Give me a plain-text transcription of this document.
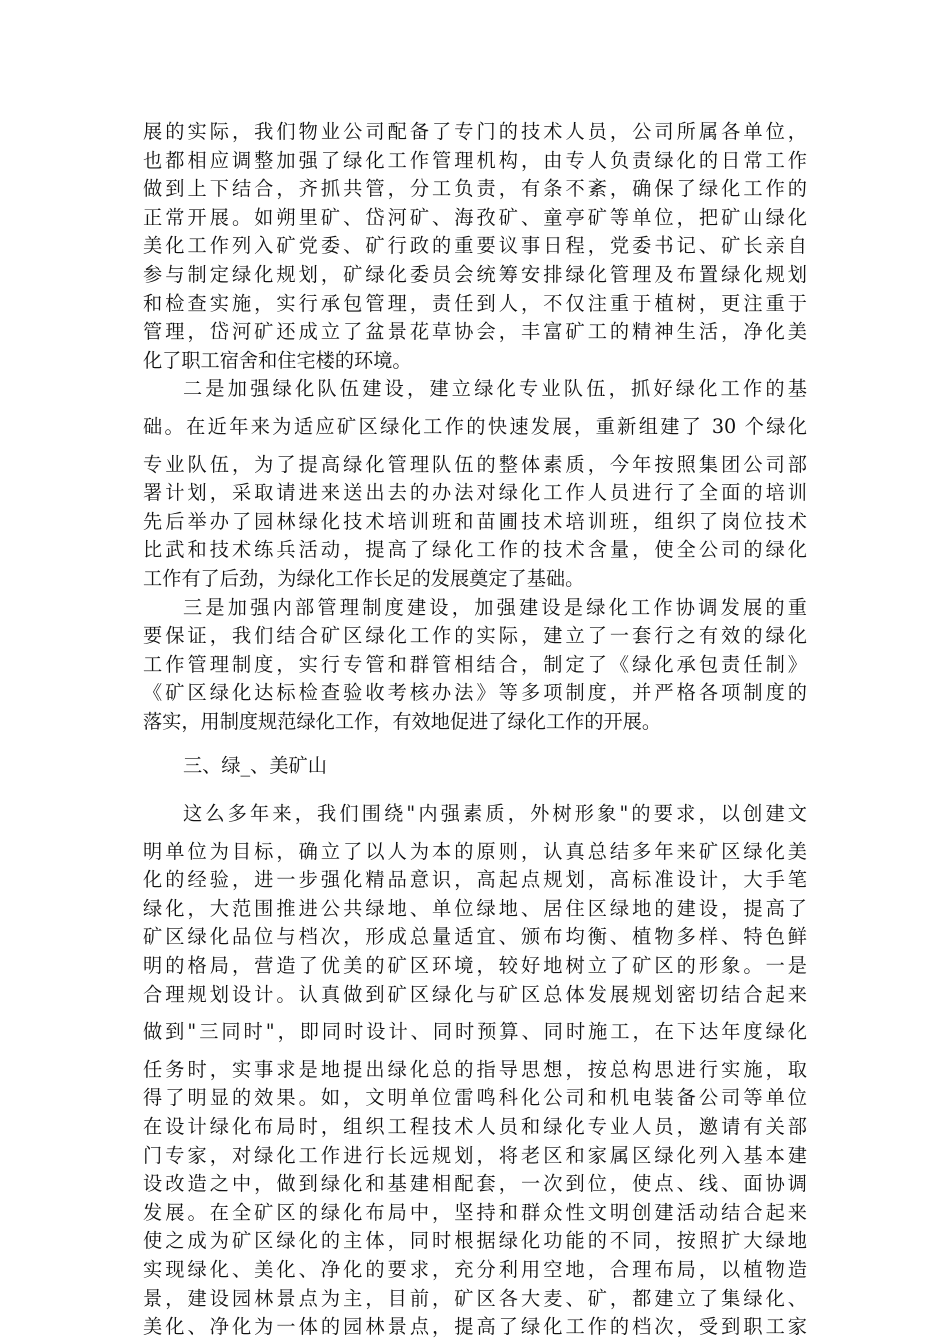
展的实际，我们物业公司配备了专门的技术人员，公司所属各单位，
也都相应调整加强了绿化工作管理机构，由专人负责绿化的日常工作
做到上下结合，齐抓共管，分工负责，有条不紊，确保了绿化工作的
正常开展。如朔里矿、岱河矿、海孜矿、童亭矿等单位，把矿山绿化
美化工作列入矿党委、矿行政的重要议事日程，党委书记、矿长亲自
参与制定绿化规划，矿绿化委员会统筹安排绿化管理及布置绿化规划
和检查实施，实行承包管理，责任到人，不仅注重于植树，更注重于
管理，岱河矿还成立了盆景花草协会，丰富矿工的精神生活，净化美
化了职工宿舍和住宅楼的环境。
二是加强绿化队伍建设，建立绿化专业队伍，抓好绿化工作的基
础。在近年来为适应矿区绿化工作的快速发展，重新组建了 30 个绿化
专业队伍，为了提高绿化管理队伍的整体素质，今年按照集团公司部
署计划，采取请进来送出去的办法对绿化工作人员进行了全面的培训
先后举办了园林绿化技术培训班和苗圃技术培训班，组织了岗位技术
比武和技术练兵活动，提高了绿化工作的技术含量，使全公司的绿化
工作有了后劲，为绿化工作长足的发展奠定了基础。
三是加强内部管理制度建设，加强建设是绿化工作协调发展的重
要保证，我们结合矿区绿化工作的实际，建立了一套行之有效的绿化
工作管理制度，实行专管和群管相结合，制定了《绿化承包责任制》
《矿区绿化达标检查验收考核办法》等多项制度，并严格各项制度的
落实，用制度规范绿化工作，有效地促进了绿化工作的开展。
三、绿_、美矿山
这么多年来，我们围绕"内强素质，外树形象"的要求，以创建文
明单位为目标，确立了以人为本的原则，认真总结多年来矿区绿化美
化的经验，进一步强化精品意识，高起点规划，高标准设计，大手笔
绿化，大范围推进公共绿地、单位绿地、居住区绿地的建设，提高了
矿区绿化品位与档次，形成总量适宜、颁布均衡、植物多样、特色鲜
明的格局，营造了优美的矿区环境，较好地树立了矿区的形象。一是
合理规划设计。认真做到矿区绿化与矿区总体发展规划密切结合起来
做到"三同时"，即同时设计、同时预算、同时施工，在下达年度绿化
任务时，实事求是地提出绿化总的指导思想，按总构思进行实施，取
得了明显的效果。如，文明单位雷鸣科化公司和机电装备公司等单位
在设计绿化布局时，组织工程技术人员和绿化专业人员，邀请有关部
门专家，对绿化工作进行长远规划，将老区和家属区绿化列入基本建
设改造之中，做到绿化和基建相配套，一次到位，使点、线、面协调
发展。在全矿区的绿化布局中，坚持和群众性文明创建活动结合起来
使之成为矿区绿化的主体，同时根据绿化功能的不同，按照扩大绿地
实现绿化、美化、净化的要求，充分利用空地，合理布局，以植物造
景，建设园林景点为主，目前，矿区各大麦、矿，都建立了集绿化、
美化、净化为一体的园林景点，提高了绿化工作的档次，受到职工家
